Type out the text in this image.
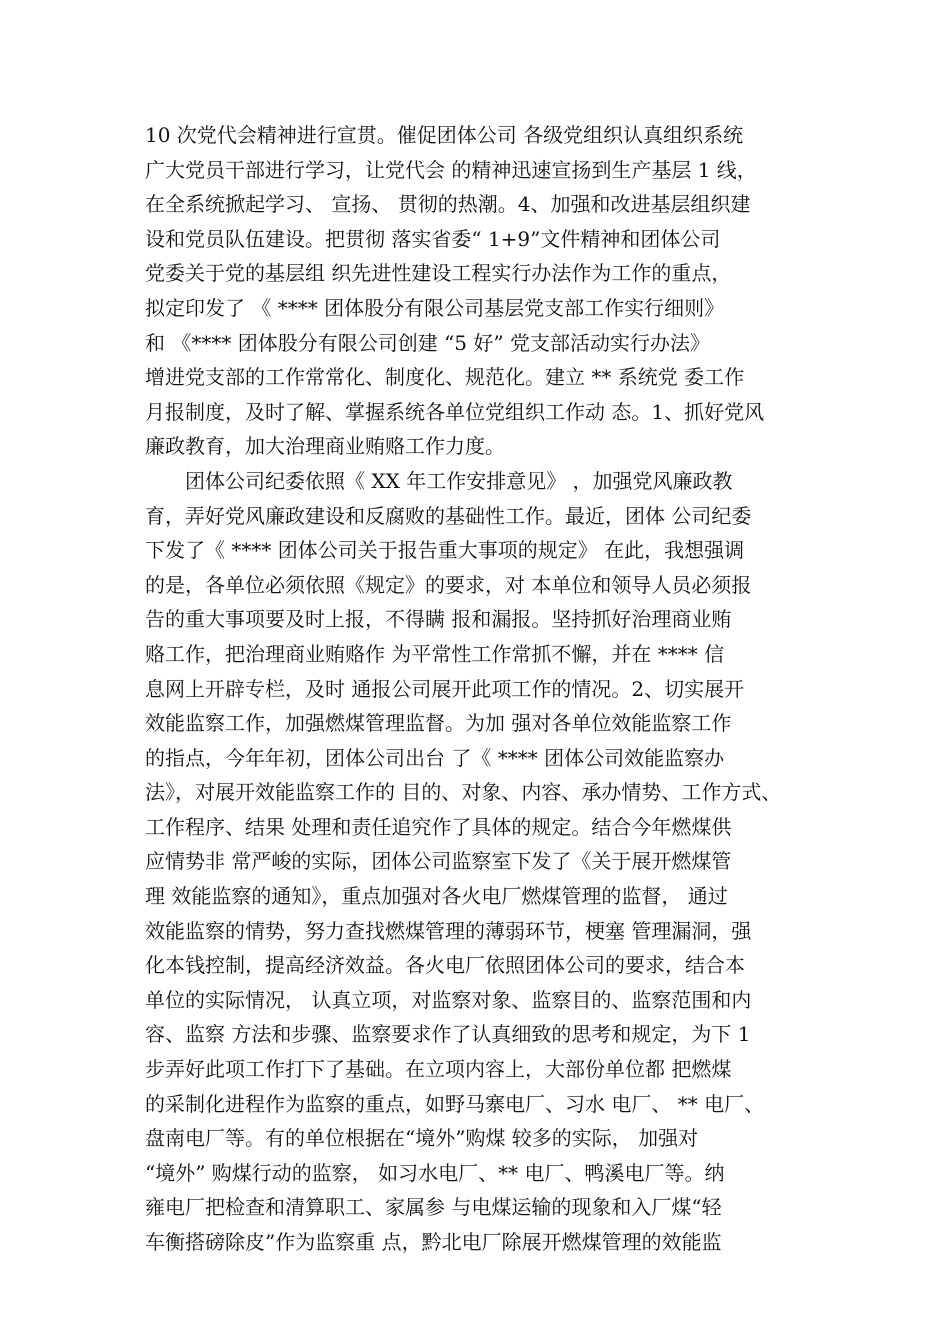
10 次党代会精神进行宣贯。催促团体公司 各级党组织认真组织系统
广大党员干部进行学习，让党代会 的精神迅速宣扬到生产基层 1 线，
在全系统掀起学习、 宣扬、 贯彻的热潮。4、加强和改进基层组织建
设和党员队伍建设。把贯彻 落实省委“ 1+9”文件精神和团体公司
党委关于党的基层组 织先进性建设工程实行办法作为工作的重点，
拟定印发了 《 **** 团体股分有限公司基层党支部工作实行细则》
和 《**** 团体股分有限公司创建 “5 好” 党支部活动实行办法》
增进党支部的工作常常化、制度化、规范化。建立 ** 系统党 委工作
月报制度，及时了解、掌握系统各单位党组织工作动 态。1、抓好党风
廉政教育，加大治理商业贿赂工作力度。
　　团体公司纪委依照《 XX 年工作安排意见》 ，加强党风廉政教
育，弄好党风廉政建设和反腐败的基础性工作。最近，团体 公司纪委
下发了《 **** 团体公司关于报告重大事项的规定》 在此，我想强调
的是，各单位必须依照《规定》的要求，对 本单位和领导人员必须报
告的重大事项要及时上报，不得瞒 报和漏报。坚持抓好治理商业贿
赂工作，把治理商业贿赂作 为平常性工作常抓不懈，并在 **** 信
息网上开辟专栏，及时 通报公司展开此项工作的情况。2、切实展开
效能监察工作，加强燃煤管理监督。为加 强对各单位效能监察工作
的指点，今年年初，团体公司出台 了《 **** 团体公司效能监察办
法》，对展开效能监察工作的 目的、对象、内容、承办情势、工作方式、
工作程序、结果 处理和责任追究作了具体的规定。结合今年燃煤供
应情势非 常严峻的实际，团体公司监察室下发了《关于展开燃煤管
理 效能监察的通知》，重点加强对各火电厂燃煤管理的监督， 通过
效能监察的情势，努力查找燃煤管理的薄弱环节，梗塞 管理漏洞，强
化本钱控制，提高经济效益。各火电厂依照团体公司的要求，结合本
单位的实际情况， 认真立项，对监察对象、监察目的、监察范围和内
容、监察 方法和步骤、监察要求作了认真细致的思考和规定，为下 1
步弄好此项工作打下了基础。在立项内容上，大部份单位都 把燃煤
的采制化进程作为监察的重点，如野马寨电厂、习水 电厂、 ** 电厂、
盘南电厂等。有的单位根据在“境外”购煤 较多的实际， 加强对
“境外” 购煤行动的监察， 如习水电厂、** 电厂、鸭溪电厂等。纳
雍电厂把检查和清算职工、家属参 与电煤运输的现象和入厂煤“轻
车衡搭磅除皮”作为监察重 点，黔北电厂除展开燃煤管理的效能监
